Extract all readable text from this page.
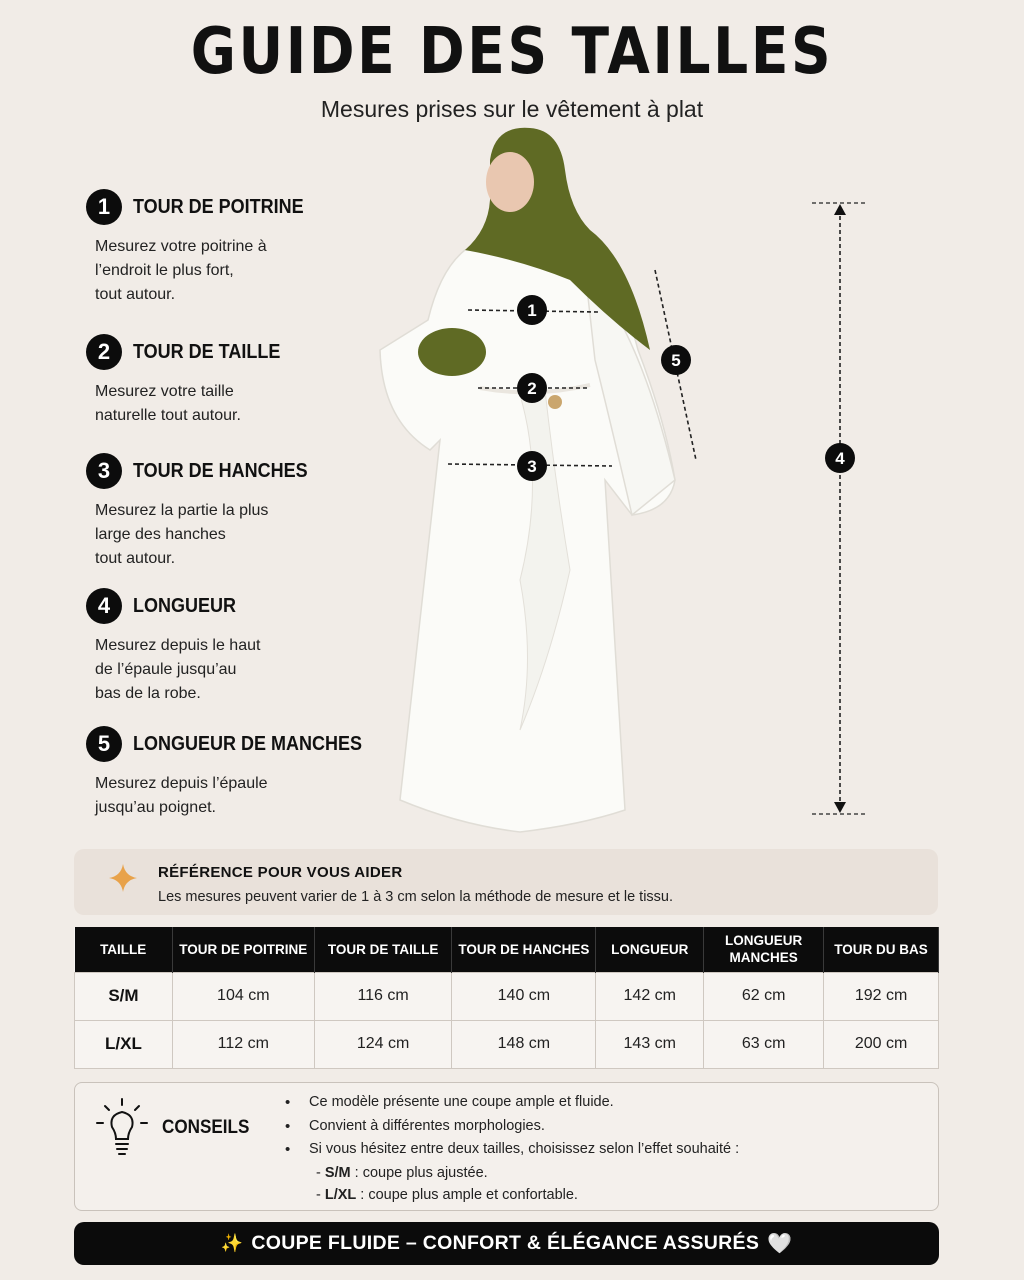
GUIDE DES TAILLES
Mesures prises sur le vêtement à plat
1	TOUR DE POITRINE
Mesurez votre poitrine à
l’endroit le plus fort,
tout autour.
2	TOUR DE TAILLE
Mesurez votre taille
naturelle tout autour.
3	TOUR DE HANCHES
Mesurez la partie la plus
large des hanches
tout autour.
4	LONGUEUR
Mesurez depuis le haut
de l’épaule jusqu’au
bas de la robe.
5	LONGUEUR DE MANCHES
Mesurez depuis l’épaule
jusqu’au poignet.
1
2
3
5
4
RÉFÉRENCE POUR VOUS AIDER
Les mesures peuvent varier de 1 à 3 cm selon la méthode de mesure et le tissu.
TAILLE	TOUR DE POITRINE	TOUR DE TAILLE	TOUR DE HANCHES	LONGUEUR	LONGUEUR MANCHES	TOUR DU BAS
S/M	104 cm	116 cm	140 cm	142 cm	62 cm	192 cm
L/XL	112 cm	124 cm	148 cm	143 cm	63 cm	200 cm
CONSEILS
• Ce modèle présente une coupe ample et fluide.
• Convient à différentes morphologies.
• Si vous hésitez entre deux tailles, choisissez selon l’effet souhaité :
- S/M : coupe plus ajustée.
- L/XL : coupe plus ample et confortable.
✨ COUPE FLUIDE – CONFORT & ÉLÉGANCE ASSURÉS 🤍
